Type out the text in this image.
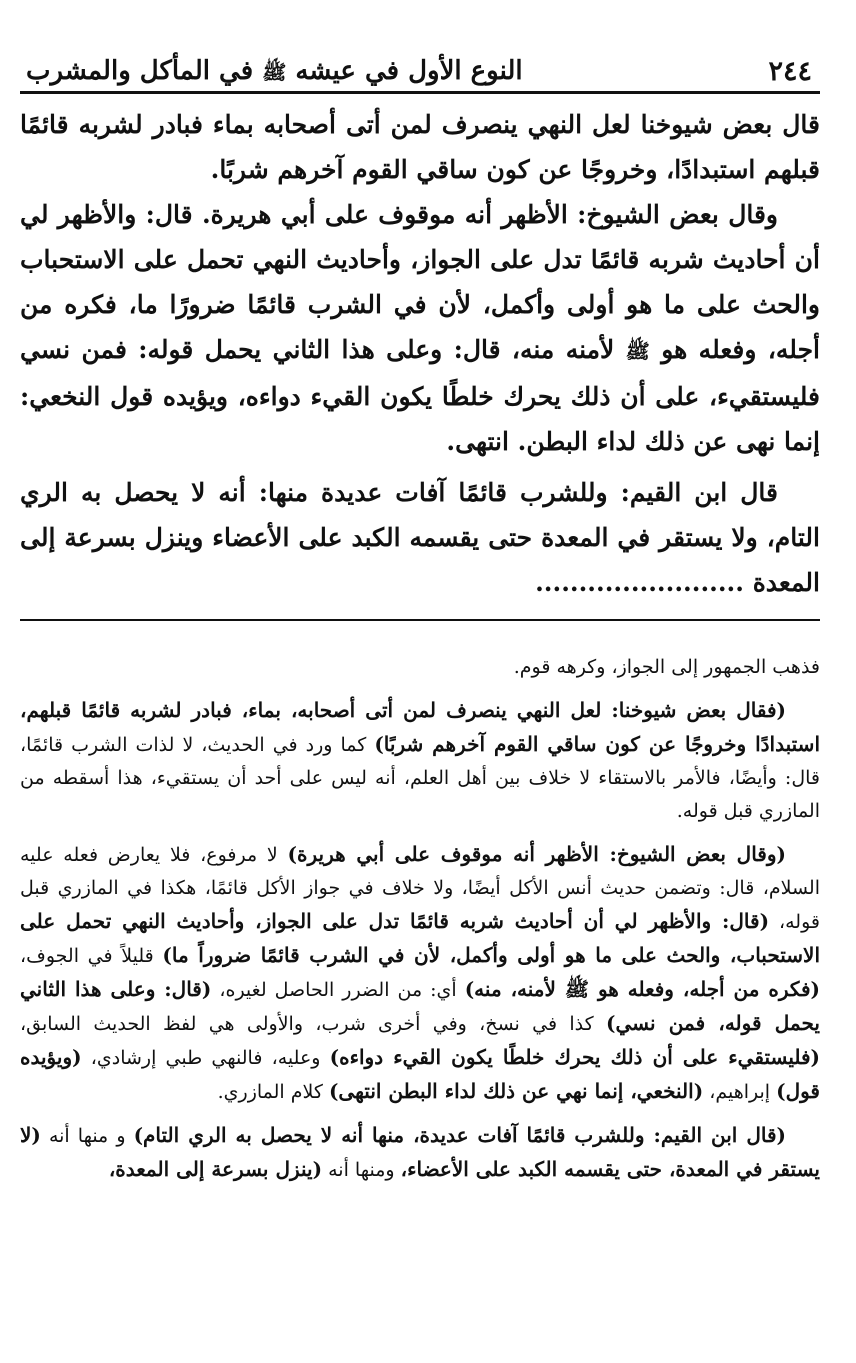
٢٤٤
النوع الأول في عيشه ﷺ في المأكل والمشرب

قال بعض شيوخنا لعل النهي ينصرف لمن أتى أصحابه بماء فبادر لشربه قائمًا قبلهم استبدادًا، وخروجًا عن كون ساقي القوم آخرهم شربًا.

وقال بعض الشيوخ: الأظهر أنه موقوف على أبي هريرة. قال: والأظهر لي أن أحاديث شربه قائمًا تدل على الجواز، وأحاديث النهي تحمل على الاستحباب والحث على ما هو أولى وأكمل، لأن في الشرب قائمًا ضرورًا ما، فكره من أجله، وفعله هو ﷺ لأمنه منه، قال: وعلى هذا الثاني يحمل قوله: فمن نسي فليستقيء، على أن ذلك يحرك خلطًا يكون القيء دواءه، ويؤيده قول النخعي: إنما نهى عن ذلك لداء البطن. انتهى.

قال ابن القيم: وللشرب قائمًا آفات عديدة منها: أنه لا يحصل به الري التام، ولا يستقر في المعدة حتى يقسمه الكبد على الأعضاء وينزل بسرعة إلى المعدة ........................

فذهب الجمهور إلى الجواز، وكرهه قوم.

(فقال بعض شيوخنا: لعل النهي ينصرف لمن أتى أصحابه، بماء، فبادر لشربه قائمًا قبلهم، استبدادًا وخروجًا عن كون ساقي القوم آخرهم شربًا) كما ورد في الحديث، لا لذات الشرب قائمًا، قال: وأيضًا، فالأمر بالاستقاء لا خلاف بين أهل العلم، أنه ليس على أحد أن يستقيء، هذا أسقطه من المازري قبل قوله.

(وقال بعض الشيوخ: الأظهر أنه موقوف على أبي هريرة) لا مرفوع، فلا يعارض فعله عليه السلام، قال: وتضمن حديث أنس الأكل أيضًا، ولا خلاف في جواز الأكل قائمًا، هكذا في المازري قبل قوله، (قال: والأظهر لي أن أحاديث شربه قائمًا تدل على الجواز، وأحاديث النهي تحمل على الاستحباب، والحث على ما هو أولى وأكمل، لأن في الشرب قائمًا ضروراً ما) قليلاً في الجوف، (فكره من أجله، وفعله هو ﷺ لأمنه، منه) أي: من الضرر الحاصل لغيره، (قال: وعلى هذا الثاني يحمل قوله، فمن نسي) كذا في نسخ، وفي أخرى شرب، والأولى هي لفظ الحديث السابق، (فليستقيء على أن ذلك يحرك خلطًا يكون القيء دواءه) وعليه، فالنهي طبي إرشادي، (ويؤيده قول) إبراهيم، (النخعي، إنما نهي عن ذلك لداء البطن انتهى) كلام المازري.

(قال ابن القيم: وللشرب قائمًا آفات عديدة، منها أنه لا يحصل به الري التام) و منها أنه (لا يستقر في المعدة، حتى يقسمه الكبد على الأعضاء، ومنها أنه (ينزل بسرعة إلى المعدة،
